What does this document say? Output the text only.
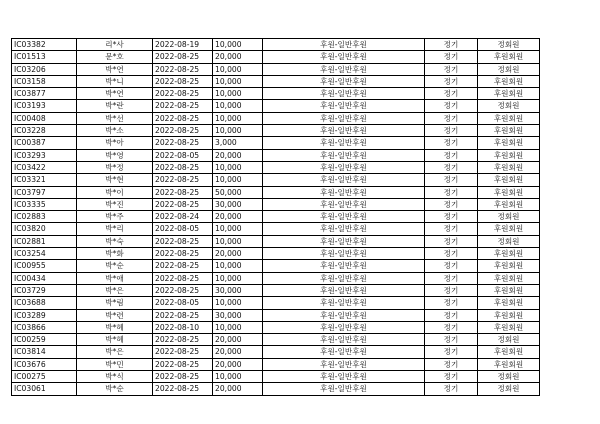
IC03382	리*사	2022-08-19	10,000	후원-일반후원	정기	정회원
IC01513	문*호	2022-08-25	20,000	후원-일반후원	정기	후원회원
IC03206	박*연	2022-08-25	10,000	후원-일반후원	정기	정회원
IC03158	박*니	2022-08-25	10,000	후원-일반후원	정기	후원회원
IC03877	박*연	2022-08-25	10,000	후원-일반후원	정기	후원회원
IC03193	박*란	2022-08-25	10,000	후원-일반후원	정기	정회원
IC00408	박*선	2022-08-25	10,000	후원-일반후원	정기	후원회원
IC03228	박*소	2022-08-25	10,000	후원-일반후원	정기	후원회원
IC00387	박*아	2022-08-25	3,000	후원-일반후원	정기	후원회원
IC03293	박*영	2022-08-05	20,000	후원-일반후원	정기	후원회원
IC03422	박*정	2022-08-25	10,000	후원-일반후원	정기	후원회원
IC03321	박*현	2022-08-25	10,000	후원-일반후원	정기	후원회원
IC03797	박*이	2022-08-25	50,000	후원-일반후원	정기	후원회원
IC03335	박*진	2022-08-25	30,000	후원-일반후원	정기	후원회원
IC02883	박*주	2022-08-24	20,000	후원-일반후원	정기	정회원
IC03820	박*리	2022-08-05	10,000	후원-일반후원	정기	후원회원
IC02881	박*숙	2022-08-25	10,000	후원-일반후원	정기	정회원
IC03254	박*화	2022-08-25	20,000	후원-일반후원	정기	후원회원
IC00955	박*순	2022-08-25	10,000	후원-일반후원	정기	후원회원
IC00434	박*애	2022-08-25	10,000	후원-일반후원	정기	후원회원
IC03729	박*은	2022-08-25	30,000	후원-일반후원	정기	후원회원
IC03688	박*림	2022-08-05	10,000	후원-일반후원	정기	후원회원
IC03289	박*련	2022-08-25	30,000	후원-일반후원	정기	후원회원
IC03866	박*혜	2022-08-10	10,000	후원-일반후원	정기	후원회원
IC00259	박*혜	2022-08-25	20,000	후원-일반후원	정기	정회원
IC03814	박*은	2022-08-25	20,000	후원-일반후원	정기	후원회원
IC03676	박*민	2022-08-25	20,000	후원-일반후원	정기	후원회원
IC00275	박*식	2022-08-25	10,000	후원-일반후원	정기	정회원
IC03061	박*순	2022-08-25	20,000	후원-일반후원	정기	정회원
